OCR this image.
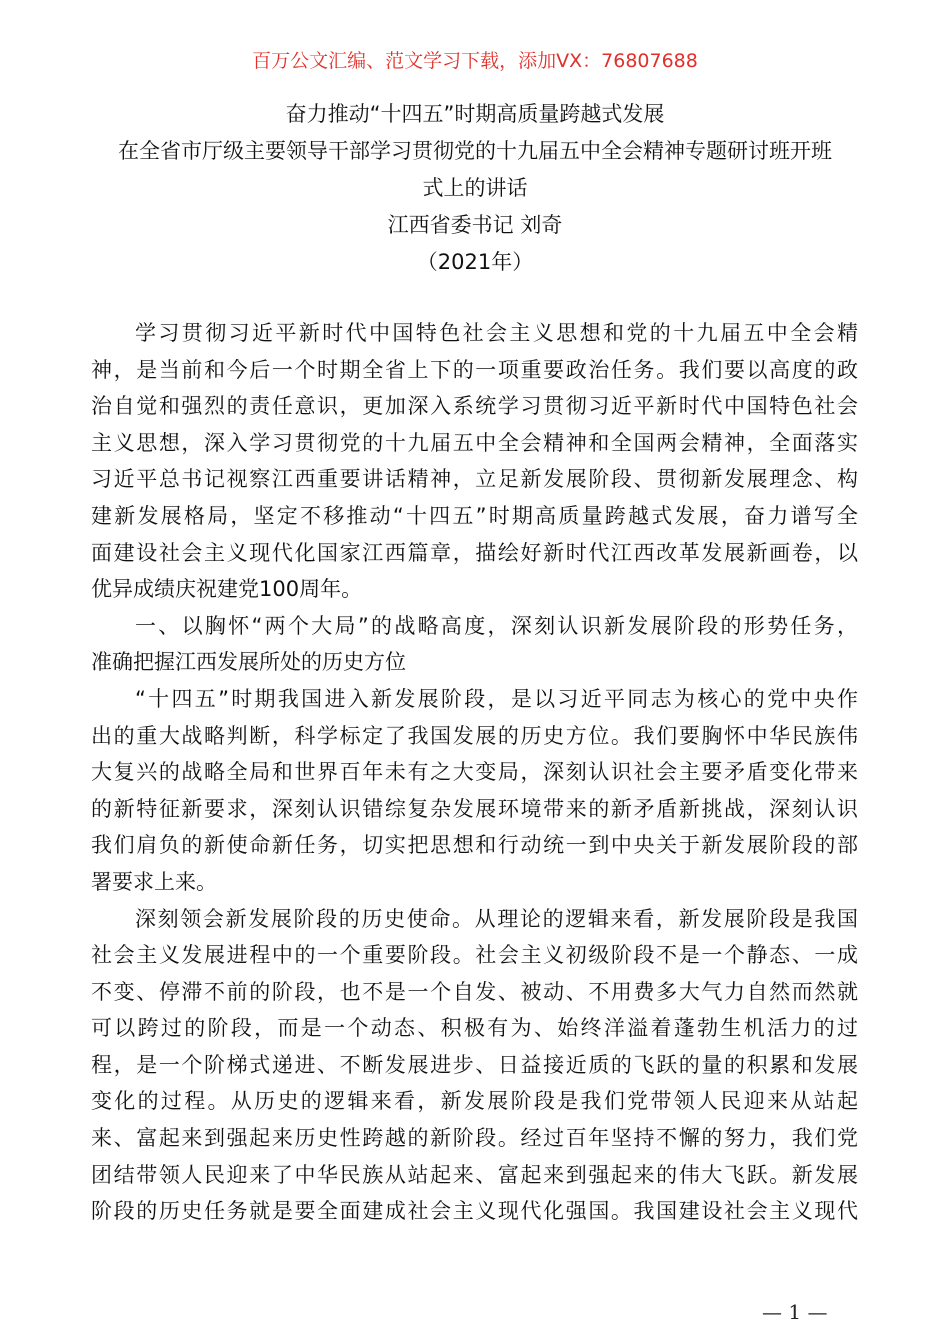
百万公文汇编、范文学习下载，添加VX：76807688
奋力推动“十四五”时期高质量跨越式发展
在全省市厅级主要领导干部学习贯彻党的十九届五中全会精神专题研讨班开班
式上的讲话
江西省委书记 刘奇
（2021年）
学习贯彻习近平新时代中国特色社会主义思想和党的十九届五中全会精
神，是当前和今后一个时期全省上下的一项重要政治任务。我们要以高度的政
治自觉和强烈的责任意识，更加深入系统学习贯彻习近平新时代中国特色社会
主义思想，深入学习贯彻党的十九届五中全会精神和全国两会精神，全面落实
习近平总书记视察江西重要讲话精神，立足新发展阶段、贯彻新发展理念、构
建新发展格局，坚定不移推动“十四五”时期高质量跨越式发展，奋力谱写全
面建设社会主义现代化国家江西篇章，描绘好新时代江西改革发展新画卷，以
优异成绩庆祝建党100周年。
一、以胸怀“两个大局”的战略高度，深刻认识新发展阶段的形势任务，
准确把握江西发展所处的历史方位
“十四五”时期我国进入新发展阶段，是以习近平同志为核心的党中央作
出的重大战略判断，科学标定了我国发展的历史方位。我们要胸怀中华民族伟
大复兴的战略全局和世界百年未有之大变局，深刻认识社会主要矛盾变化带来
的新特征新要求，深刻认识错综复杂发展环境带来的新矛盾新挑战，深刻认识
我们肩负的新使命新任务，切实把思想和行动统一到中央关于新发展阶段的部
署要求上来。
深刻领会新发展阶段的历史使命。从理论的逻辑来看，新发展阶段是我国
社会主义发展进程中的一个重要阶段。社会主义初级阶段不是一个静态、一成
不变、停滞不前的阶段，也不是一个自发、被动、不用费多大气力自然而然就
可以跨过的阶段，而是一个动态、积极有为、始终洋溢着蓬勃生机活力的过
程，是一个阶梯式递进、不断发展进步、日益接近质的飞跃的量的积累和发展
变化的过程。从历史的逻辑来看，新发展阶段是我们党带领人民迎来从站起
来、富起来到强起来历史性跨越的新阶段。经过百年坚持不懈的努力，我们党
团结带领人民迎来了中华民族从站起来、富起来到强起来的伟大飞跃。新发展
阶段的历史任务就是要全面建成社会主义现代化强国。我国建设社会主义现代
— 1 —
